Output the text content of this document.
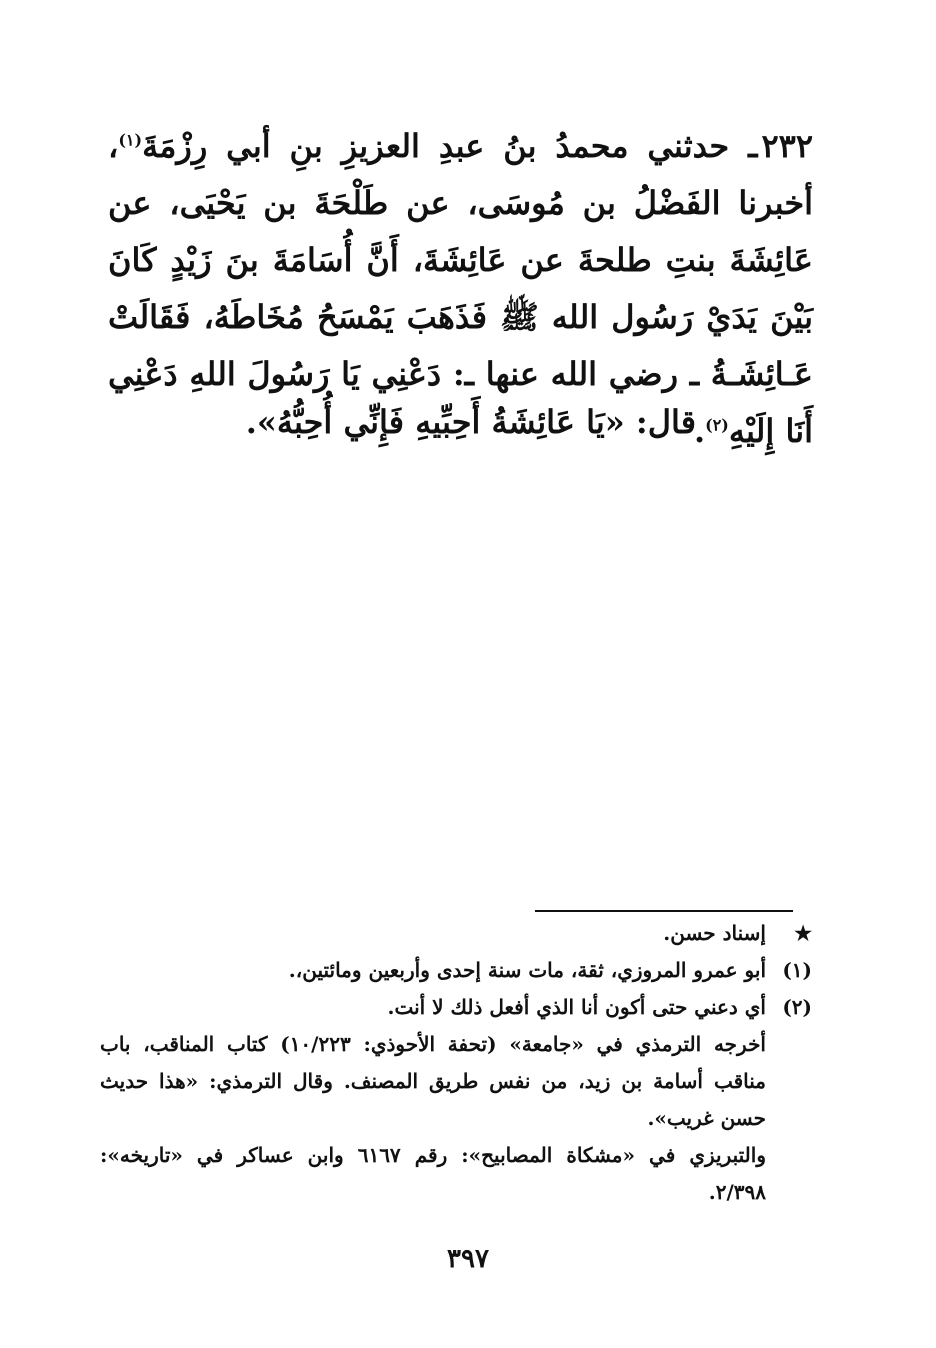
٢٣٢ـ حدثني محمدُ بنُ عبدِ العزيزِ بنِ أبي رِزْمَةَ$^{(١)}$، أخبرنا الفَضْلُ بن مُوسَى، عن طَلْحَةَ بن يَحْيَى، عن عَائِشَةَ بنتِ طلحةَ عن عَائِشَةَ، أَنَّ أُسَامَةَ بنَ زَيْدٍ كَانَ بَيْنَ يَدَيْ رَسُول الله ﷺ فَذَهَبَ يَمْسَحُ مُخَاطَهُ، فَقَالَتْ عَـائِشَـةُ ـ رضي الله عنها ـ: دَعْنِي يَا رَسُولَ اللهِ دَعْنِي أَنَا إِلَيْهِ$^{(٢)}$.

قال: «يَا عَائِشَةُ أَحِبِّيهِ فَإِنِّي أُحِبُّهُ».
★
إسناد حسن.
(١)
أبو عمرو المروزي، ثقة، مات سنة إحدى وأربعين ومائتين،.
(٢)
أي دعني حتى أكون أنا الذي أفعل ذلك لا أنت.
أخرجه الترمذي في «جامعة» (تحفة الأحوذي: ١٠/٢٢٣) كتاب المناقب، باب مناقب أسامة بن زيد، من نفس طريق المصنف. وقال الترمذي: «هذا حديث حسن غريب».
والتبريزي في «مشكاة المصابيح»: رقم ٦١٦٧ وابن عساكر في «تاريخه»: ٢/٣٩٨.
٣٩٧
